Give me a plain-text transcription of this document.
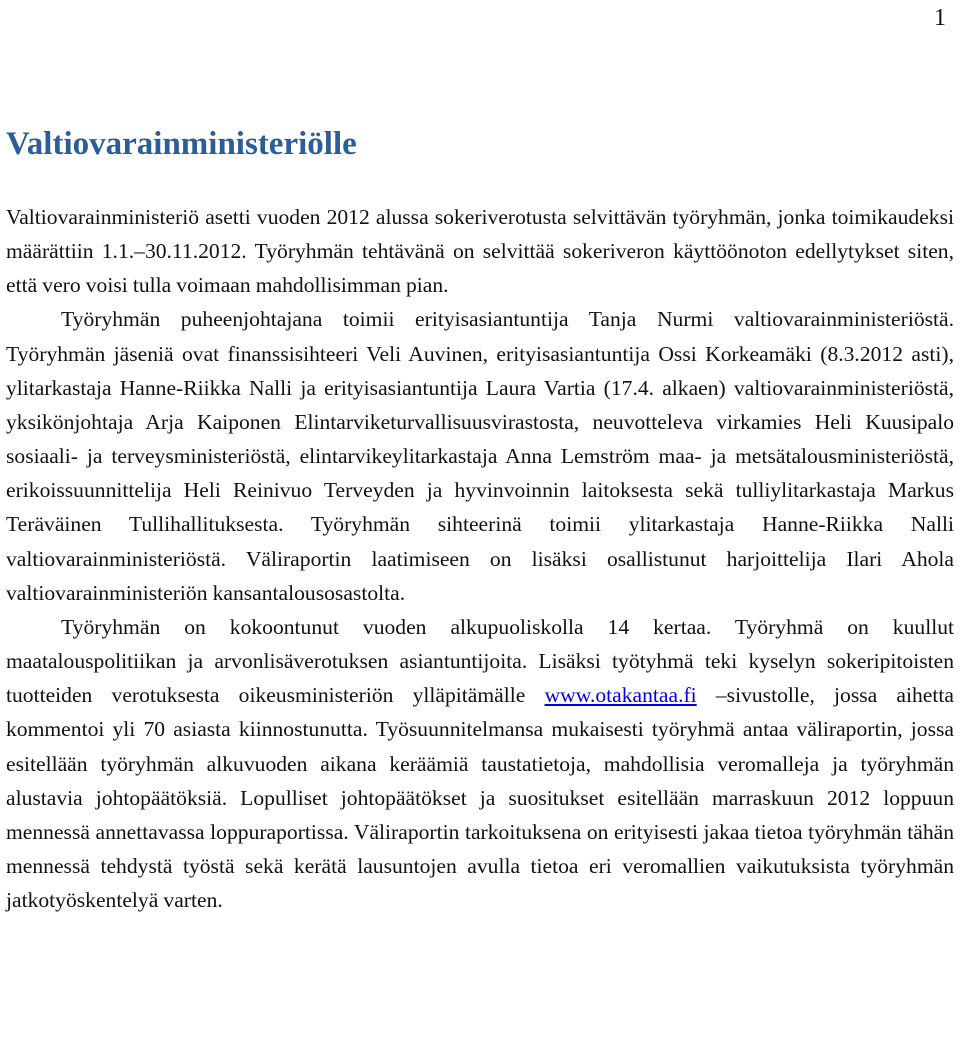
1
Valtiovarainministeriölle

Valtiovarainministeriö asetti vuoden 2012 alussa sokeriverotusta selvittävän työryhmän, jonka toimikaudeksi määrättiin 1.1.–30.11.2012. Työryhmän tehtävänä on selvittää sokeriveron käyttöönoton edellytykset siten, että vero voisi tulla voimaan mahdollisimman pian.

Työryhmän puheenjohtajana toimii erityisasiantuntija Tanja Nurmi valtiovarainministeriöstä. Työryhmän jäseniä ovat finanssisihteeri Veli Auvinen, erityisasiantuntija Ossi Korkeamäki (8.3.2012 asti), ylitarkastaja Hanne-Riikka Nalli ja erityisasiantuntija Laura Vartia (17.4. alkaen) valtiovarainministeriöstä, yksikönjohtaja Arja Kaiponen Elintarviketurvallisuusvirastosta, neuvotteleva virkamies Heli Kuusipalo sosiaali- ja terveysministeriöstä, elintarvikeylitarkastaja Anna Lemström maa- ja metsätalousministeriöstä, erikoissuunnittelija Heli Reinivuo Terveyden ja hyvinvoinnin laitoksesta sekä tulliylitarkastaja Markus Teräväinen Tullihallituksesta. Työryhmän sihteerinä toimii ylitarkastaja Hanne-Riikka Nalli valtiovarainministeriöstä. Väliraportin laatimiseen on lisäksi osallistunut harjoittelija Ilari Ahola valtiovarainministeriön kansantalousosastolta.

Työryhmän on kokoontunut vuoden alkupuoliskolla 14 kertaa. Työryhmä on kuullut maatalouspolitiikan ja arvonlisäverotuksen asiantuntijoita. Lisäksi työtyhmä teki kyselyn sokeripitoisten tuotteiden verotuksesta oikeusministeriön ylläpitämälle www.otakantaa.fi –sivustolle, jossa aihetta kommentoi yli 70 asiasta kiinnostunutta. Työsuunnitelmansa mukaisesti työryhmä antaa väliraportin, jossa esitellään työryhmän alkuvuoden aikana keräämiä taustatietoja, mahdollisia veromalleja ja työryhmän alustavia johtopäätöksiä. Lopulliset johtopäätökset ja suositukset esitellään marraskuun 2012 loppuun mennessä annettavassa loppuraportissa. Väliraportin tarkoituksena on erityisesti jakaa tietoa työryhmän tähän mennessä tehdystä työstä sekä kerätä lausuntojen avulla tietoa eri veromallien vaikutuksista työryhmän jatkotyöskentelyä varten.
